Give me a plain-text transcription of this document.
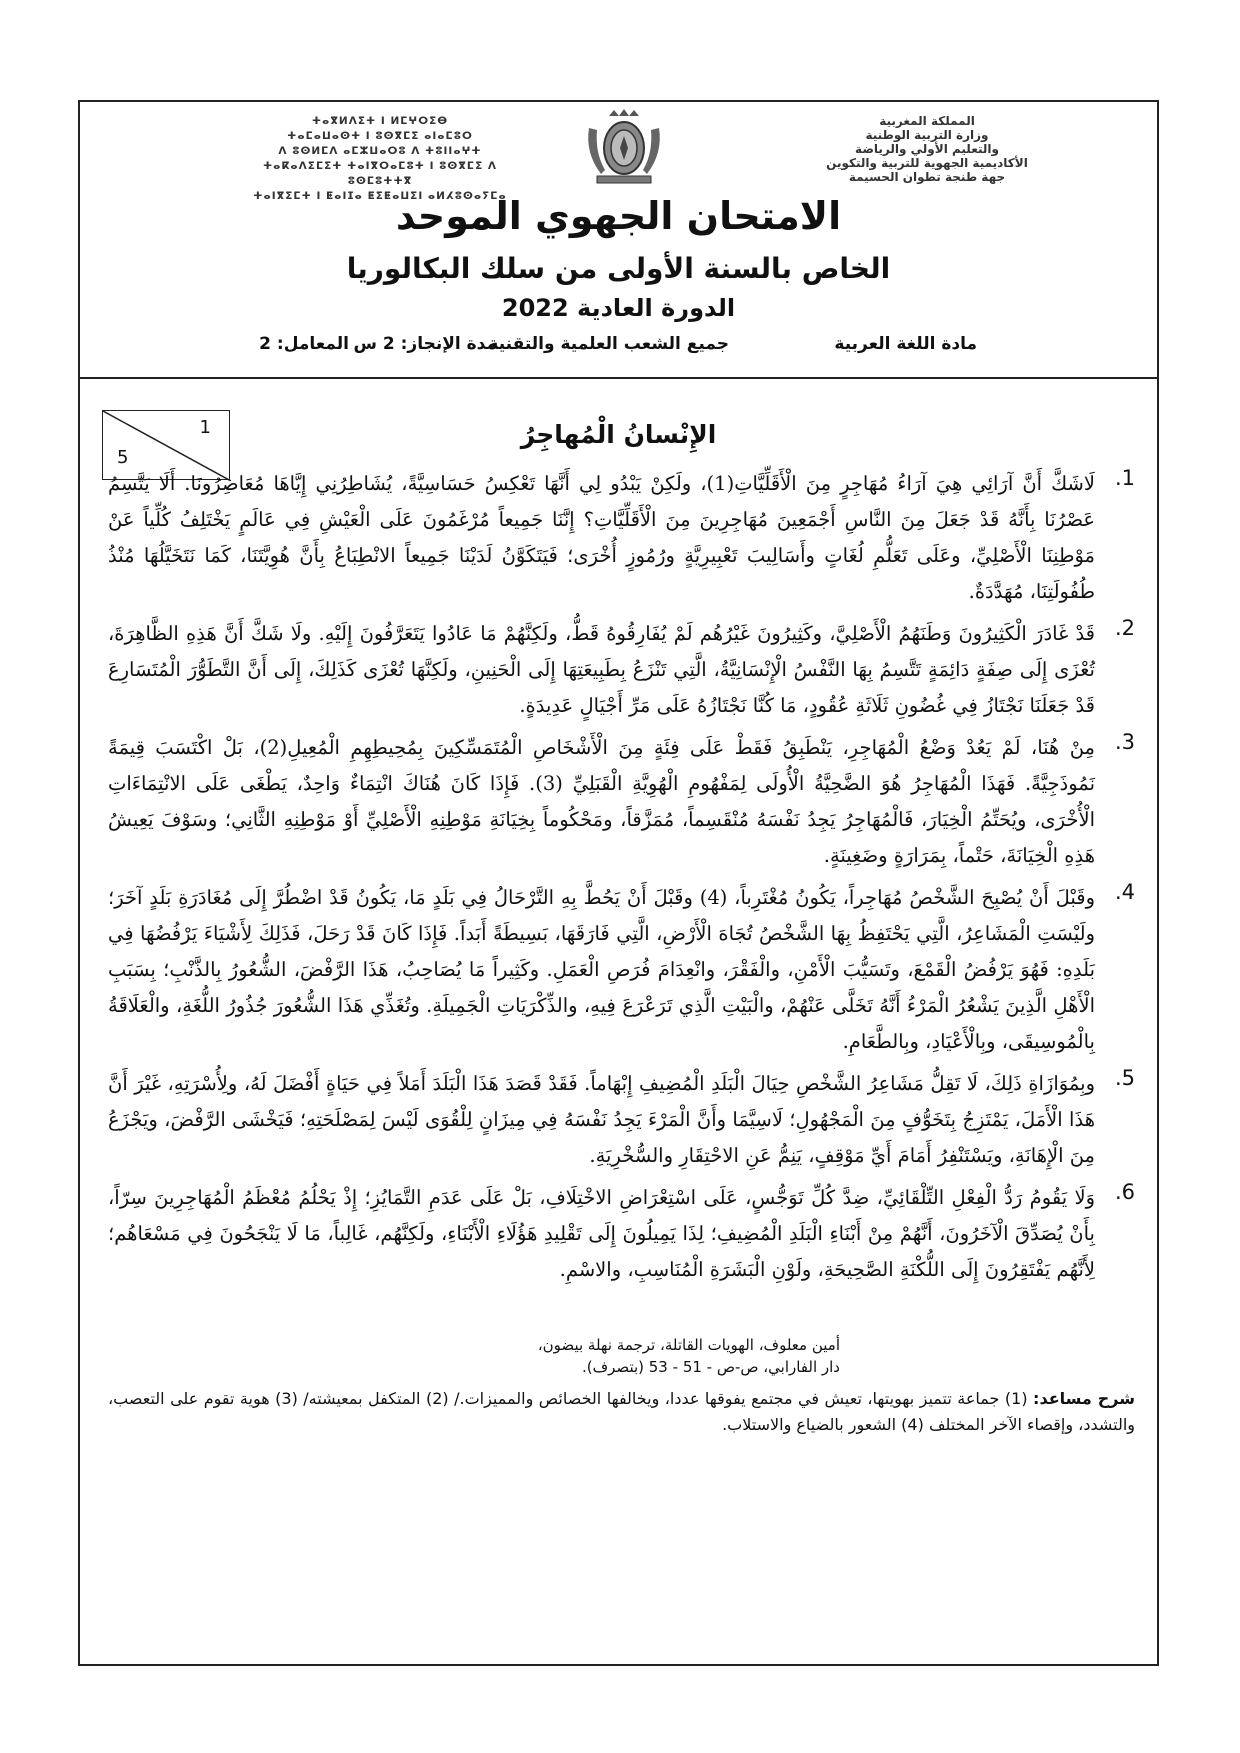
ⵜⴰⴳⵍⴷⵉⵜ ⵏ ⵍⵎⵖⵔⵉⴱ
ⵜⴰⵎⴰⵡⴰⵙⵜ ⵏ ⵓⵙⴳⵎⵉ ⴰⵏⴰⵎⵓⵔ
ⴷ ⵓⵙⵍⵎⴷ ⴰⵎⵣⵡⴰⵔⵓ ⴷ ⵜⵓⵏⵏⴰⵖⵜ
ⵜⴰⴽⴰⴷⵉⵎⵉⵜ ⵜⴰⵏⴳⵔⴰⵎⵓⵜ ⵏ ⵓⵙⴳⵎⵉ ⴷ ⵓⵙⵎⵓⵜⵜⴳ
ⵜⴰⵏⴳⵉⵎⵜ ⵏ ⵟⴰⵏⵊⴰ ⵟⵉⵟⴰⵡⵉⵏ ⴰⵍⵃⵓⵙⴰⵢⵎⴰ
المملكة المغربية
وزارة التربية الوطنية
والتعليم الأولي والرياضة
الأكاديمية الجهوية للتربية والتكوين
جهة طنجة تطوان الحسيمة
الامتحان الجهوي الموحد
الخاص بالسنة الأولى من سلك البكالوريا
الدورة العادية 2022
مادة اللغة العربية
جميع الشعب العلمية والتقنية
مدة الإنجاز: 2 س
المعامل: 2
1
5
الإِنْسانُ الْمُهاجِرُ
1.
لَاشَكَّ أَنَّ آرَائِي هِيَ آرَاءُ مُهَاجِرٍ مِنَ الْأَقَلِّيَّاتِ(1)، ولَكِنْ يَبْدُو لِي أَنَّهَا تَعْكِسُ حَسَاسِيَّةً، يُشَاطِرُنِي إِيَّاهَا مُعَاصِرُونَا. أَلَا يَتَّسِمُ عَصْرُنَا بِأَنَّهُ قَدْ جَعَلَ مِنَ النَّاسِ أَجْمَعِينَ مُهَاجِرِينَ مِنَ الْأَقَلِّيَّاتِ؟ إِنَّنَا جَمِيعاً مُرْغَمُونَ عَلَى الْعَيْشِ فِي عَالَمٍ يَخْتَلِفُ كُلِّياً عَنْ مَوْطِنِنَا الْأَصْلِيِّ، وعَلَى تَعَلُّمِ لُغَاتٍ وأَسَالِيبَ تَعْبِيرِيَّةٍ ورُمُوزٍ أُخْرَى؛ فَيَتَكَوَّنُ لَدَيْنَا جَمِيعاً الانْطِبَاعُ بِأَنَّ هُوِيَّتَنَا، كَمَا نَتَخَيَّلُهَا مُنْذُ طُفُولَتِنَا، مُهَدَّدَةٌ.
2.
قَدْ غَادَرَ الْكَثِيرُونَ وَطَنَهُمُ الْأَصْلِيَّ، وكَثِيرُونَ غَيْرُهُم لَمْ يُفَارِقُوهُ قَطُّ، ولَكِنَّهُمْ مَا عَادُوا يَتَعَرَّفُونَ إِلَيْهِ. ولَا شَكَّ أَنَّ هَذِهِ الظَّاهِرَةَ، تُعْزَى إِلَى صِفَةٍ دَائِمَةٍ تَتَّسِمُ بِهَا النَّفْسُ الْإِنْسَانِيَّةُ، الَّتِي تَنْزَعُ بِطَبِيعَتِهَا إِلَى الْحَنِينِ، ولَكِنَّهَا تُعْزَى كَذَلِكَ، إِلَى أَنَّ التَّطَوُّرَ الْمُتَسَارِعَ قَدْ جَعَلَنَا نَجْتَازُ فِي غُضُونِ ثَلَاثَةِ عُقُودٍ، مَا كُنَّا نَجْتَازُهُ عَلَى مَرِّ أَجْيَالٍ عَدِيدَةٍ.
3.
مِنْ هُنَا، لَمْ يَعُدْ وَضْعُ الْمُهَاجِرِ، يَنْطَبِقُ فَقَطْ عَلَى فِئَةٍ مِنَ الْأَشْخَاصِ الْمُتَمَسِّكِينَ بِمُحِيطِهِمِ الْمُعِيلِ(2)، بَلْ اكْتَسَبَ قِيمَةً نَمُوذَجِيَّةً. فَهَذَا الْمُهَاجِرُ هُوَ الضَّحِيَّةُ الْأُولَى لِمَفْهُومِ الْهُوِيَّةِ الْقَبَلِيِّ (3). فَإِذَا كَانَ هُنَاكَ انْتِمَاءٌ وَاحِدٌ، يَطْغَى عَلَى الانْتِمَاءَاتِ الْأُخْرَى، ويُحَتِّمُ الْخِيَارَ، فَالْمُهَاجِرُ يَجِدُ نَفْسَهُ مُنْقَسِماً، مُمَزَّقاً، ومَحْكُوماً بِخِيَانَةِ مَوْطِنِهِ الْأَصْلِيِّ أَوْ مَوْطِنِهِ الثَّانِي؛ وسَوْفَ يَعِيشُ هَذِهِ الْخِيَانَةَ، حَتْماً، بِمَرَارَةٍ وضَغِينَةٍ.
4.
وقَبْلَ أَنْ يُصْبِحَ الشَّخْصُ مُهَاجِراً، يَكُونُ مُغْتَرِباً، (4) وقَبْلَ أَنْ يَحُطَّ بِهِ التَّرْحَالُ فِي بَلَدٍ مَا، يَكُونُ قَدْ اضْطُرَّ إِلَى مُغَادَرَةِ بَلَدٍ آخَرَ؛ ولَيْسَتِ الْمَشَاعِرُ، الَّتِي يَحْتَفِظُ بِهَا الشَّخْصُ تُجَاهَ الْأَرْضِ، الَّتِي فَارَقَهَا، بَسِيطَةً أَبَداً. فَإِذَا كَانَ قَدْ رَحَلَ، فَذَلِكَ لِأَشْيَاءَ يَرْفُضُهَا فِي بَلَدِهِ: فَهُوَ يَرْفُضُ الْقَمْعَ، وتَسَيُّبَ الْأَمْنِ، والْفَقْرَ، وانْعِدَامَ فُرَصِ الْعَمَلِ. وكَثِيراً مَا يُصَاحِبُ، هَذَا الرَّفْضَ، الشُّعُورُ بِالذَّنْبِ؛ بِسَبَبِ الْأَهْلِ الَّذِينَ يَشْعُرُ الْمَرْءُ أَنَّهُ تَخَلَّى عَنْهُمْ، والْبَيْتِ الَّذِي تَرَعْرَعَ فِيهِ، والذِّكْرَيَاتِ الْجَمِيلَةِ. وتُغَذِّي هَذَا الشُّعُورَ جُذُورُ اللُّغَةِ، والْعَلَاقَةُ بِالْمُوسِيقَى، وبِالْأَعْيَادِ، وبِالطَّعَامِ.
5.
وبِمُوَازَاةِ ذَلِكَ، لَا تَقِلُّ مَشَاعِرُ الشَّخْصِ حِيَالَ الْبَلَدِ الْمُضِيفِ إِبْهَاماً. فَقَدْ قَصَدَ هَذَا الْبَلَدَ أَمَلاً فِي حَيَاةٍ أَفْضَلَ لَهُ، ولِأُسْرَتِهِ، غَيْرَ أَنَّ هَذَا الْأَمَلَ، يَمْتَزِجُ بِتَخَوُّفٍ مِنَ الْمَجْهُولِ؛ لَاسِيَّمَا وأَنَّ الْمَرْءَ يَجِدُ نَفْسَهُ فِي مِيزَانٍ لِلْقُوَى لَيْسَ لِمَصْلَحَتِهِ؛ فَيَخْشَى الرَّفْضَ، ويَجْزَعُ مِنَ الْإِهَانَةِ، ويَسْتَنْفِرُ أَمَامَ أَيِّ مَوْقِفٍ، يَنِمُّ عَنِ الاحْتِقَارِ والسُّخْرِيَةِ.
6.
وَلَا يَقُومُ رَدُّ الْفِعْلِ التِّلْقَائِيِّ، ضِدَّ كُلِّ تَوَجُّسٍ، عَلَى اسْتِعْرَاضِ الاخْتِلَافِ، بَلْ عَلَى عَدَمِ التَّمَايُزِ؛ إِذْ يَحْلُمُ مُعْظَمُ الْمُهَاجِرِينَ سِرّاً، بِأَنْ يُصَدِّقَ الْآخَرُونَ، أَنَّهُمْ مِنْ أَبْنَاءِ الْبَلَدِ الْمُضِيفِ؛ لِذَا يَمِيلُونَ إِلَى تَقْلِيدِ هَؤُلَاءِ الْأَبْنَاءِ، ولَكِنَّهُم، غَالِباً، مَا لَا يَنْجَحُونَ فِي مَسْعَاهُم؛ لِأَنَّهُم يَفْتَقِرُونَ إِلَى اللُّكْنَةِ الصَّحِيحَةِ، ولَوْنِ الْبَشَرَةِ الْمُنَاسِبِ، والاسْمِ.
أمين معلوف، الهويات القاتلة، ترجمة نهلة بيضون،
دار الفارابي، ص-ص - 51 - 53 (بتصرف).
شرح مساعد: (1) جماعة تتميز بهويتها، تعيش في مجتمع يفوقها عددا، ويخالفها الخصائص والمميزات./ (2) المتكفل بمعيشته/ (3) هوية تقوم على التعصب، والتشدد، وإقصاء الآخر المختلف (4) الشعور بالضياع والاستلاب.
